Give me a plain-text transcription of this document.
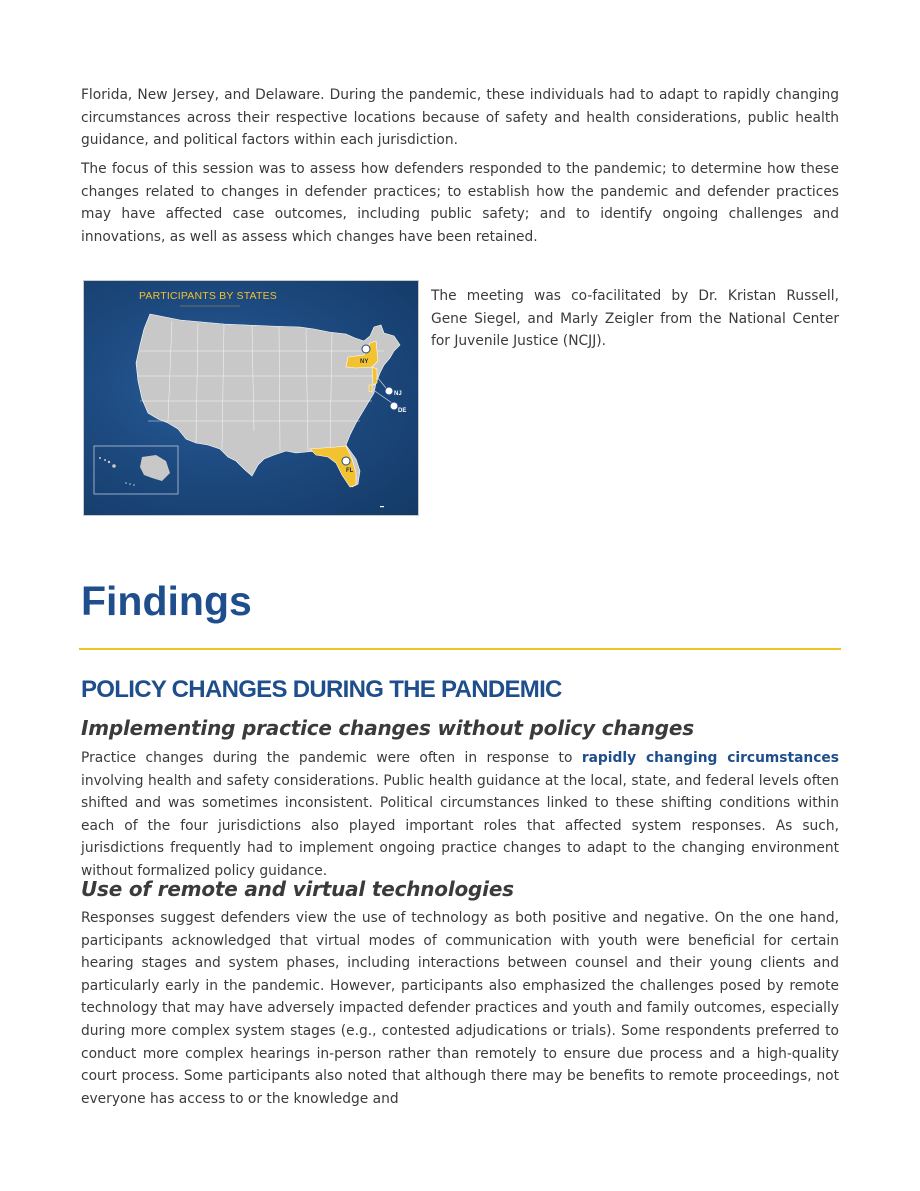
Florida, New Jersey, and Delaware. During the pandemic, these individuals had to adapt to rapidly changing circumstances across their respective locations because of safety and health considerations, public health guidance, and political factors within each jurisdiction.

The focus of this session was to assess how defenders responded to the pandemic; to determine how these changes related to changes in defender practices; to establish how the pandemic and defender practices may have affected case outcomes, including public safety; and to identify ongoing challenges and innovations, as well as assess which changes have been retained.

NY
NJ
DE
FL
PARTICIPANTS BY STATES	The meeting was co-facilitated by Dr. Kristan Russell, Gene Siegel, and Marly Zeigler from the National Center for Juvenile Justice (NCJJ).

Findings
POLICY CHANGES DURING THE PANDEMIC
Implementing practice changes without policy changes

Practice changes during the pandemic were often in response to rapidly changing circumstances involving health and safety considerations. Public health guidance at the local, state, and federal levels often shifted and was sometimes inconsistent. Political circumstances linked to these shifting conditions within each of the four jurisdictions also played important roles that affected system responses. As such, jurisdictions frequently had to implement ongoing practice changes to adapt to the changing environment without formalized policy guidance.

Use of remote and virtual technologies

Responses suggest defenders view the use of technology as both positive and negative. On the one hand, participants acknowledged that virtual modes of communication with youth were beneficial for certain hearing stages and system phases, including interactions between counsel and their young clients and particularly early in the pandemic. However, participants also emphasized the challenges posed by remote technology that may have adversely impacted defender practices and youth and family outcomes, especially during more complex system stages (e.g., contested adjudications or trials). Some respondents preferred to conduct more complex hearings in-person rather than remotely to ensure due process and a high-quality court process. Some participants also noted that although there may be benefits to remote proceedings, not everyone has access to or the knowledge and
